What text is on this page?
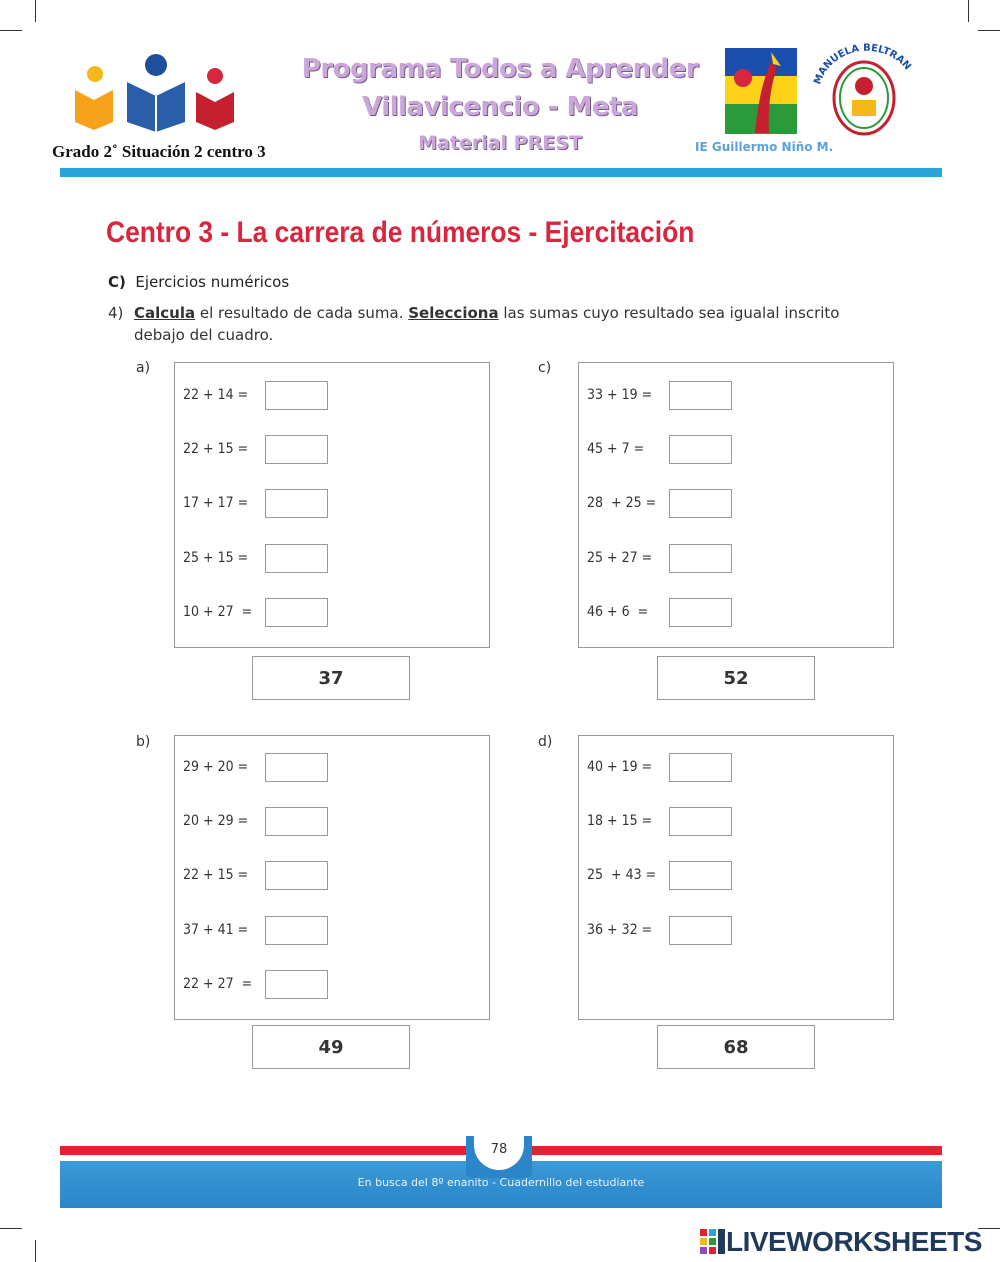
Programa Todos a Aprender
Villavicencio - Meta
Material PREST
MANUELA BELTRAN
Grado 2˚ Situación 2 centro 3	IE Guillermo Niño M.
Centro 3 - La carrera de números - Ejercitación
C) Ejercicios numéricos
4) Calcula el resultado de cada suma. Selecciona las sumas cuyo resultado sea igualal inscrito
debajo del cuadro.
a)
22 + 14 =
22 + 15 =
17 + 17 =
25 + 15 =
10 + 27  =
37
c)
33 + 19 =
45 + 7 =
28  + 25 =
25 + 27 =
46 + 6  =
52
b)
29 + 20 =
20 + 29 =
22 + 15 =
37 + 41 =
22 + 27  =
49
d)
40 + 19 =
18 + 15 =
25  + 43 =
36 + 32 =
68
78
En busca del 8º enanito - Cuadernillo del estudiante
LIVEWORKSHEETS
